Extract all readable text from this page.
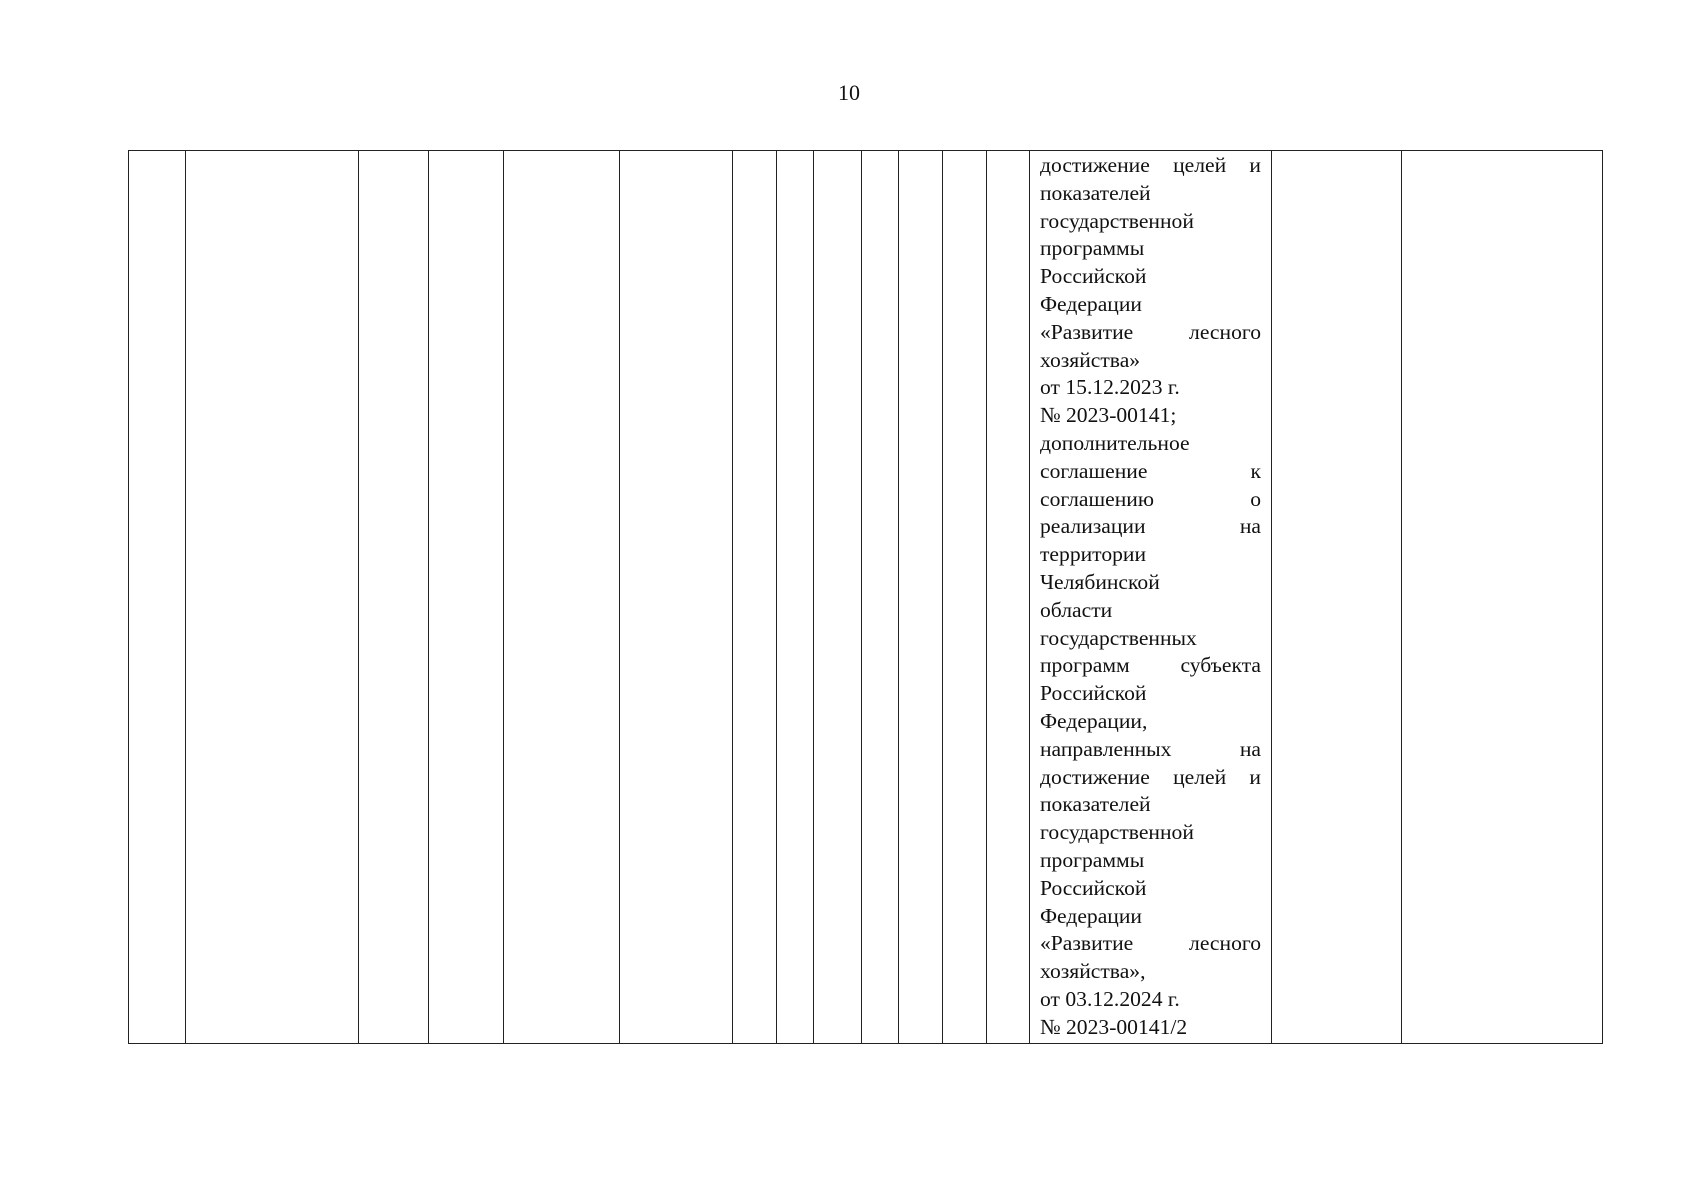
10

достижение целей и
показателей
государственной
программы
Российской
Федерации
«Развитие лесного
хозяйства»
от 15.12.2023 г.
№ 2023-00141;
дополнительное
соглашение к
соглашению о
реализации на
территории
Челябинской
области
государственных
программ субъекта
Российской
Федерации,
направленных на
достижение целей и
показателей
государственной
программы
Российской
Федерации
«Развитие лесного
хозяйства»,
от 03.12.2024 г.
№ 2023-00141/2
